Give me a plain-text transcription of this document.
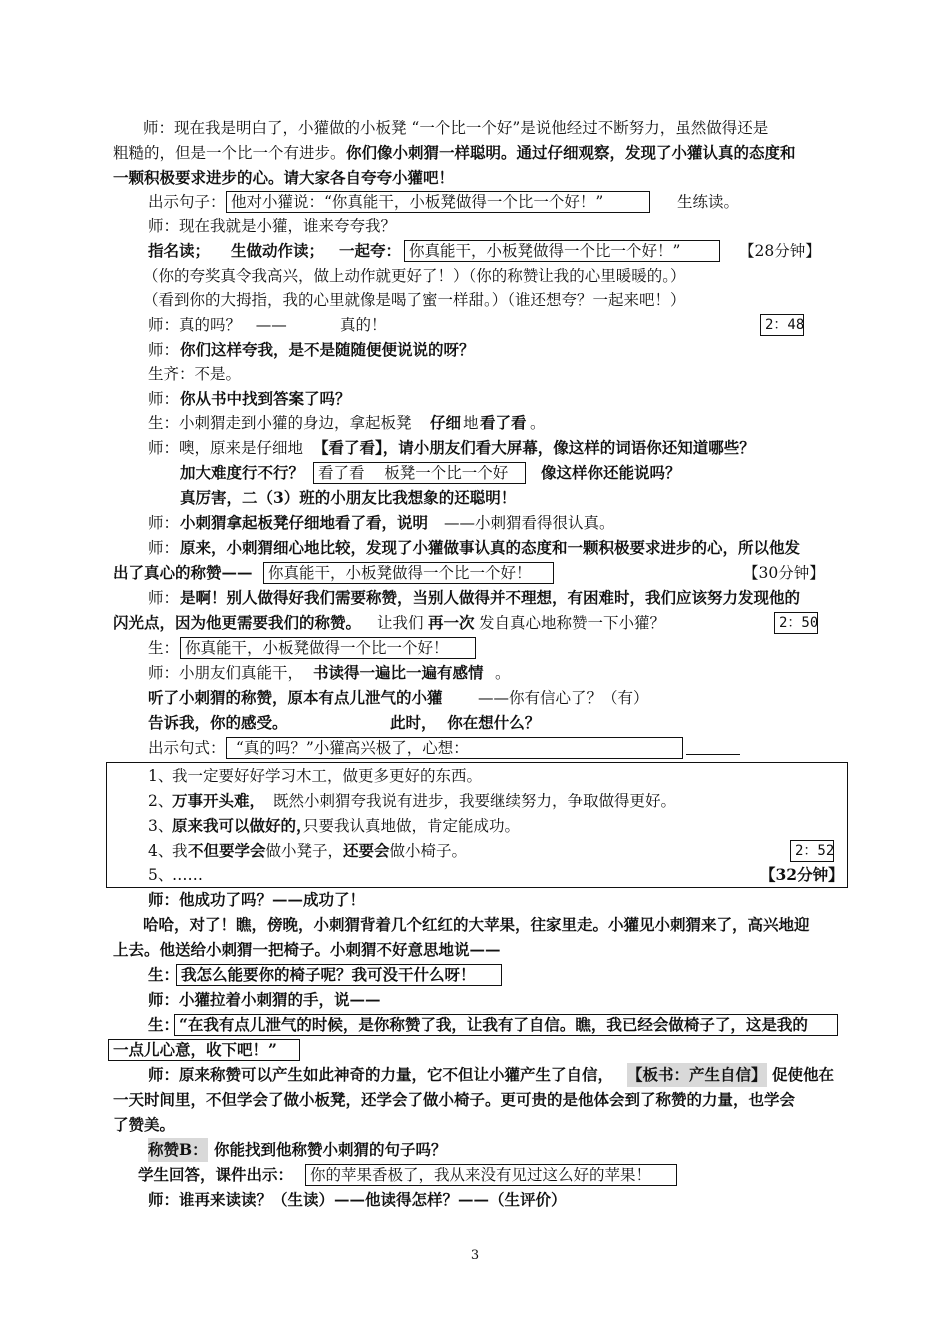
师：现在我是明白了，小獾做的小板凳 “一个比一个好”是说他经过不断努力，虽然做得还是
粗糙的，但是一个比一个有进步。 你们像小刺猬一样聪明。通过仔细观察，发现了小獾认真的态度和
一颗积极要求进步的心。请大家各自夸夸小獾吧！
出示句子： 他对小獾说：“你真能干，小板凳做得一个比一个好！”	生练读。
师：现在我就是小獾，谁来夸夸我？
指名读； 生做动作读； 一起夸： 你真能干，小板凳做得一个比一个好！”	【28分钟】
（你的夸奖真令我高兴，做上动作就更好了！）（你的称赞让我的心里暖暖的。）
（看到你的大拇指，我的心里就像是喝了蜜一样甜。）（谁还想夸？一起来吧！）
师：真的吗？   ——	真的！	2：48
师： 你们这样夸我，是不是随随便便说说的呀？
生齐：不是。
师： 你从书中找到答案了吗？
生：小刺猬走到小獾的身边，拿起板凳 仔细 地 看了看 。
师：噢，原来是仔细地 【看了看】，请小朋友们看大屏幕，像这样的词语你还知道哪些？
加大难度行不行？ 看了看    板凳一个比一个好	像这样你还能说吗？
真厉害，二（3）班的小朋友比我想象的还聪明！
师： 小刺猬拿起板凳仔细地看了看，说明 ——小刺猬看得很认真。
师： 原来，小刺猬细心地比较，发现了小獾做事认真的态度和一颗积极要求进步的心，所以他发
出了真心的称赞—— 你真能干，小板凳做得一个比一个好！	【30分钟】
师： 是啊！别人做得好我们需要称赞，当别人做得并不理想，有困难时，我们应该努力发现他的
闪光点，因为他更需要我们的称赞。 让我们 再一次 发自真心地称赞一下小獾？	2：50
生： 你真能干，小板凳做得一个比一个好！
师：小朋友们真能干， 书读得一遍比一遍有感情 。
听了小刺猬的称赞，原本有点儿泄气的小獾 ——你有信心了？（有）
告诉我，你的感受。	此时，  你在想什么？
出示句式： “真的吗？”小獾高兴极了，心想：
1、
我一定要好好学习木工，做更多更好的东西。
2、
万事开头难， 既然小刺猬夸我说有进步，我要继续努力，争取做得更好。
3、
原来我可以做好的，
只要我认真地做，肯定能成功。
4、
我 不但要学会做小凳子，还要会做小椅子。	2：52
5、
……	【32分钟】
师：他成功了吗？——成功了！
哈哈，对了！瞧，傍晚，小刺猬背着几个红红的大苹果，往家里走。小獾见小刺猬来了，高兴地迎
上去。他送给小刺猬一把椅子。小刺猬不好意思地说——
生： 我怎么能要你的椅子呢？我可没干什么呀！
师：小獾拉着小刺猬的手，说——
生： “在我有点儿泄气的时候，是你称赞了我，让我有了自信。瞧，我已经会做椅子了，这是我的
一点儿心意，收下吧！”
师：原来称赞可以产生如此神奇的力量，它不但让小獾产生了自信， 【板书：产生自信】 促使他在
一天时间里，不但学会了做小板凳，还学会了做小椅子。更可贵的是他体会到了称赞的力量，也学会
了赞美。
称赞B： 你能找到他称赞小刺猬的句子吗？
学生回答，课件出示：	你的苹果香极了，我从来没有见过这么好的苹果！
师：谁再来读读？（生读）——他读得怎样？——（生评价）
3
